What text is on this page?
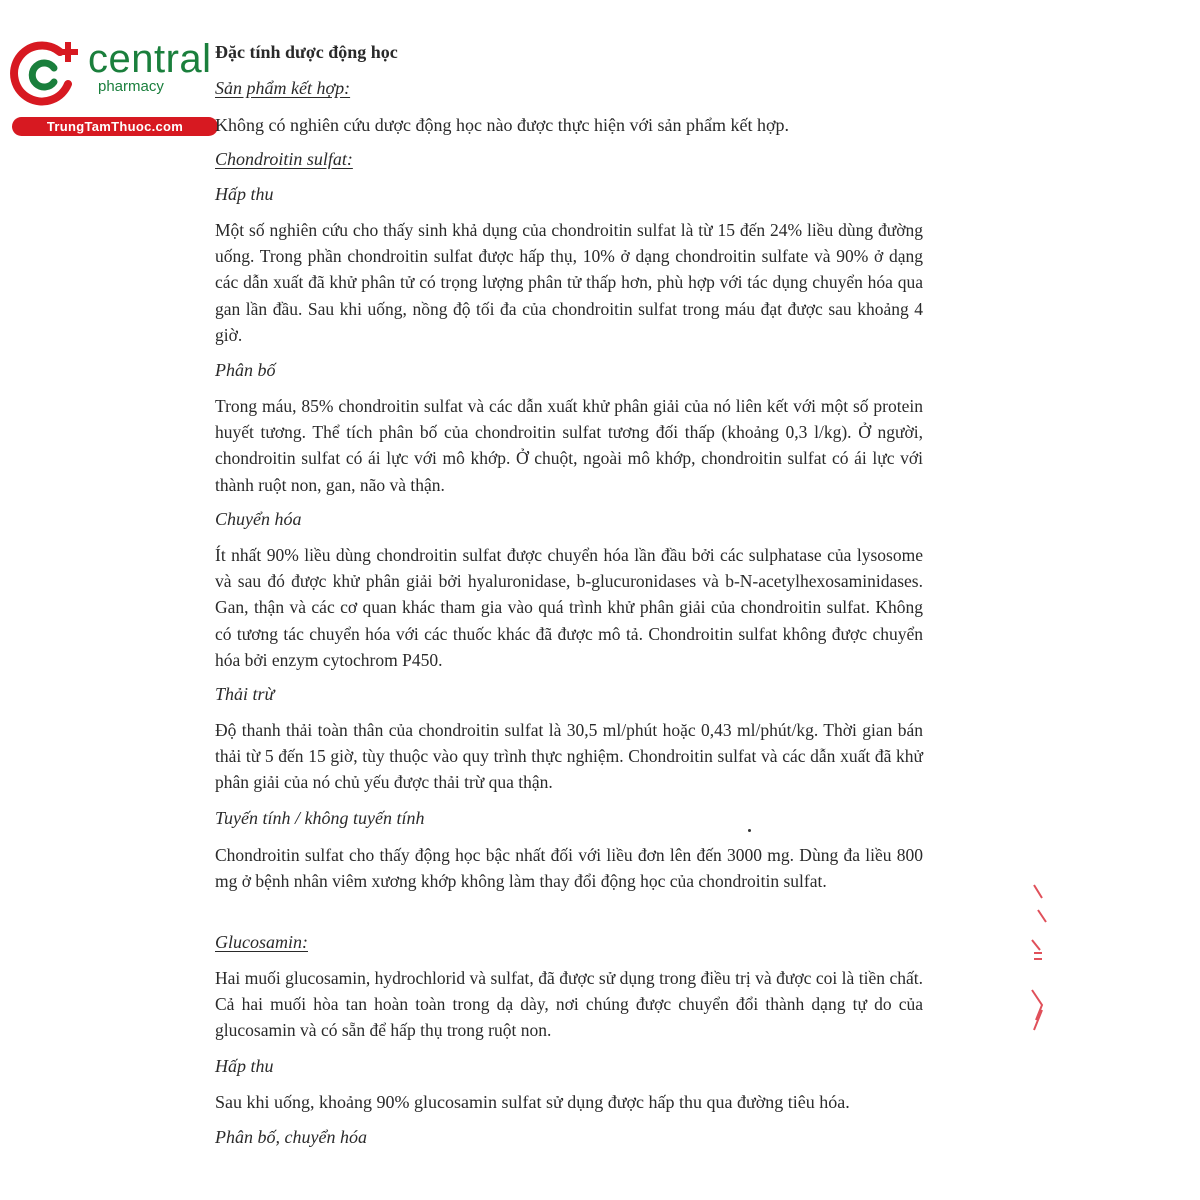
central
pharmacy
TrungTamThuoc.com
Đặc tính dược động học
Sản phẩm kết hợp:
Không có nghiên cứu dược động học nào được thực hiện với sản phẩm kết hợp.
Chondroitin sulfat:
Hấp thu
Một số nghiên cứu cho thấy sinh khả dụng của chondroitin sulfat là từ 15 đến 24% liều dùng đường uống. Trong phần chondroitin sulfat được hấp thụ, 10% ở dạng chondroitin sulfate và 90% ở dạng các dẫn xuất đã khử phân tử có trọng lượng phân tử thấp hơn, phù hợp với tác dụng chuyển hóa qua gan lần đầu. Sau khi uống, nồng độ tối đa của chondroitin sulfat trong máu đạt được sau khoảng 4 giờ.
Phân bố
Trong máu, 85% chondroitin sulfat và các dẫn xuất khử phân giải của nó liên kết với một số protein huyết tương. Thể tích phân bố của chondroitin sulfat tương đối thấp (khoảng 0,3 l/kg). Ở người, chondroitin sulfat có ái lực với mô khớp. Ở chuột, ngoài mô khớp, chondroitin sulfat có ái lực với thành ruột non, gan, não và thận.
Chuyển hóa
Ít nhất 90% liều dùng chondroitin sulfat được chuyển hóa lần đầu bởi các sulphatase của lysosome và sau đó được khử phân giải bởi hyaluronidase, b-glucuronidases và b-N-acetylhexosaminidases. Gan, thận và các cơ quan khác tham gia vào quá trình khử phân giải của chondroitin sulfat. Không có tương tác chuyển hóa với các thuốc khác đã được mô tả. Chondroitin sulfat không được chuyển hóa bởi enzym cytochrom P450.
Thải trừ
Độ thanh thải toàn thân của chondroitin sulfat là 30,5 ml/phút hoặc 0,43 ml/phút/kg. Thời gian bán thải từ 5 đến 15 giờ, tùy thuộc vào quy trình thực nghiệm. Chondroitin sulfat và các dẫn xuất đã khử phân giải của nó chủ yếu được thải trừ qua thận.
Tuyến tính / không tuyến tính
Chondroitin sulfat cho thấy động học bậc nhất đối với liều đơn lên đến 3000 mg. Dùng đa liều 800 mg ở bệnh nhân viêm xương khớp không làm thay đổi động học của chondroitin sulfat.
Glucosamin:
Hai muối glucosamin, hydrochlorid và sulfat, đã được sử dụng trong điều trị và được coi là tiền chất. Cả hai muối hòa tan hoàn toàn trong dạ dày, nơi chúng được chuyển đổi thành dạng tự do của glucosamin và có sẵn để hấp thụ trong ruột non.
Hấp thu
Sau khi uống, khoảng 90% glucosamin sulfat sử dụng được hấp thu qua đường tiêu hóa.
Phân bố, chuyển hóa
